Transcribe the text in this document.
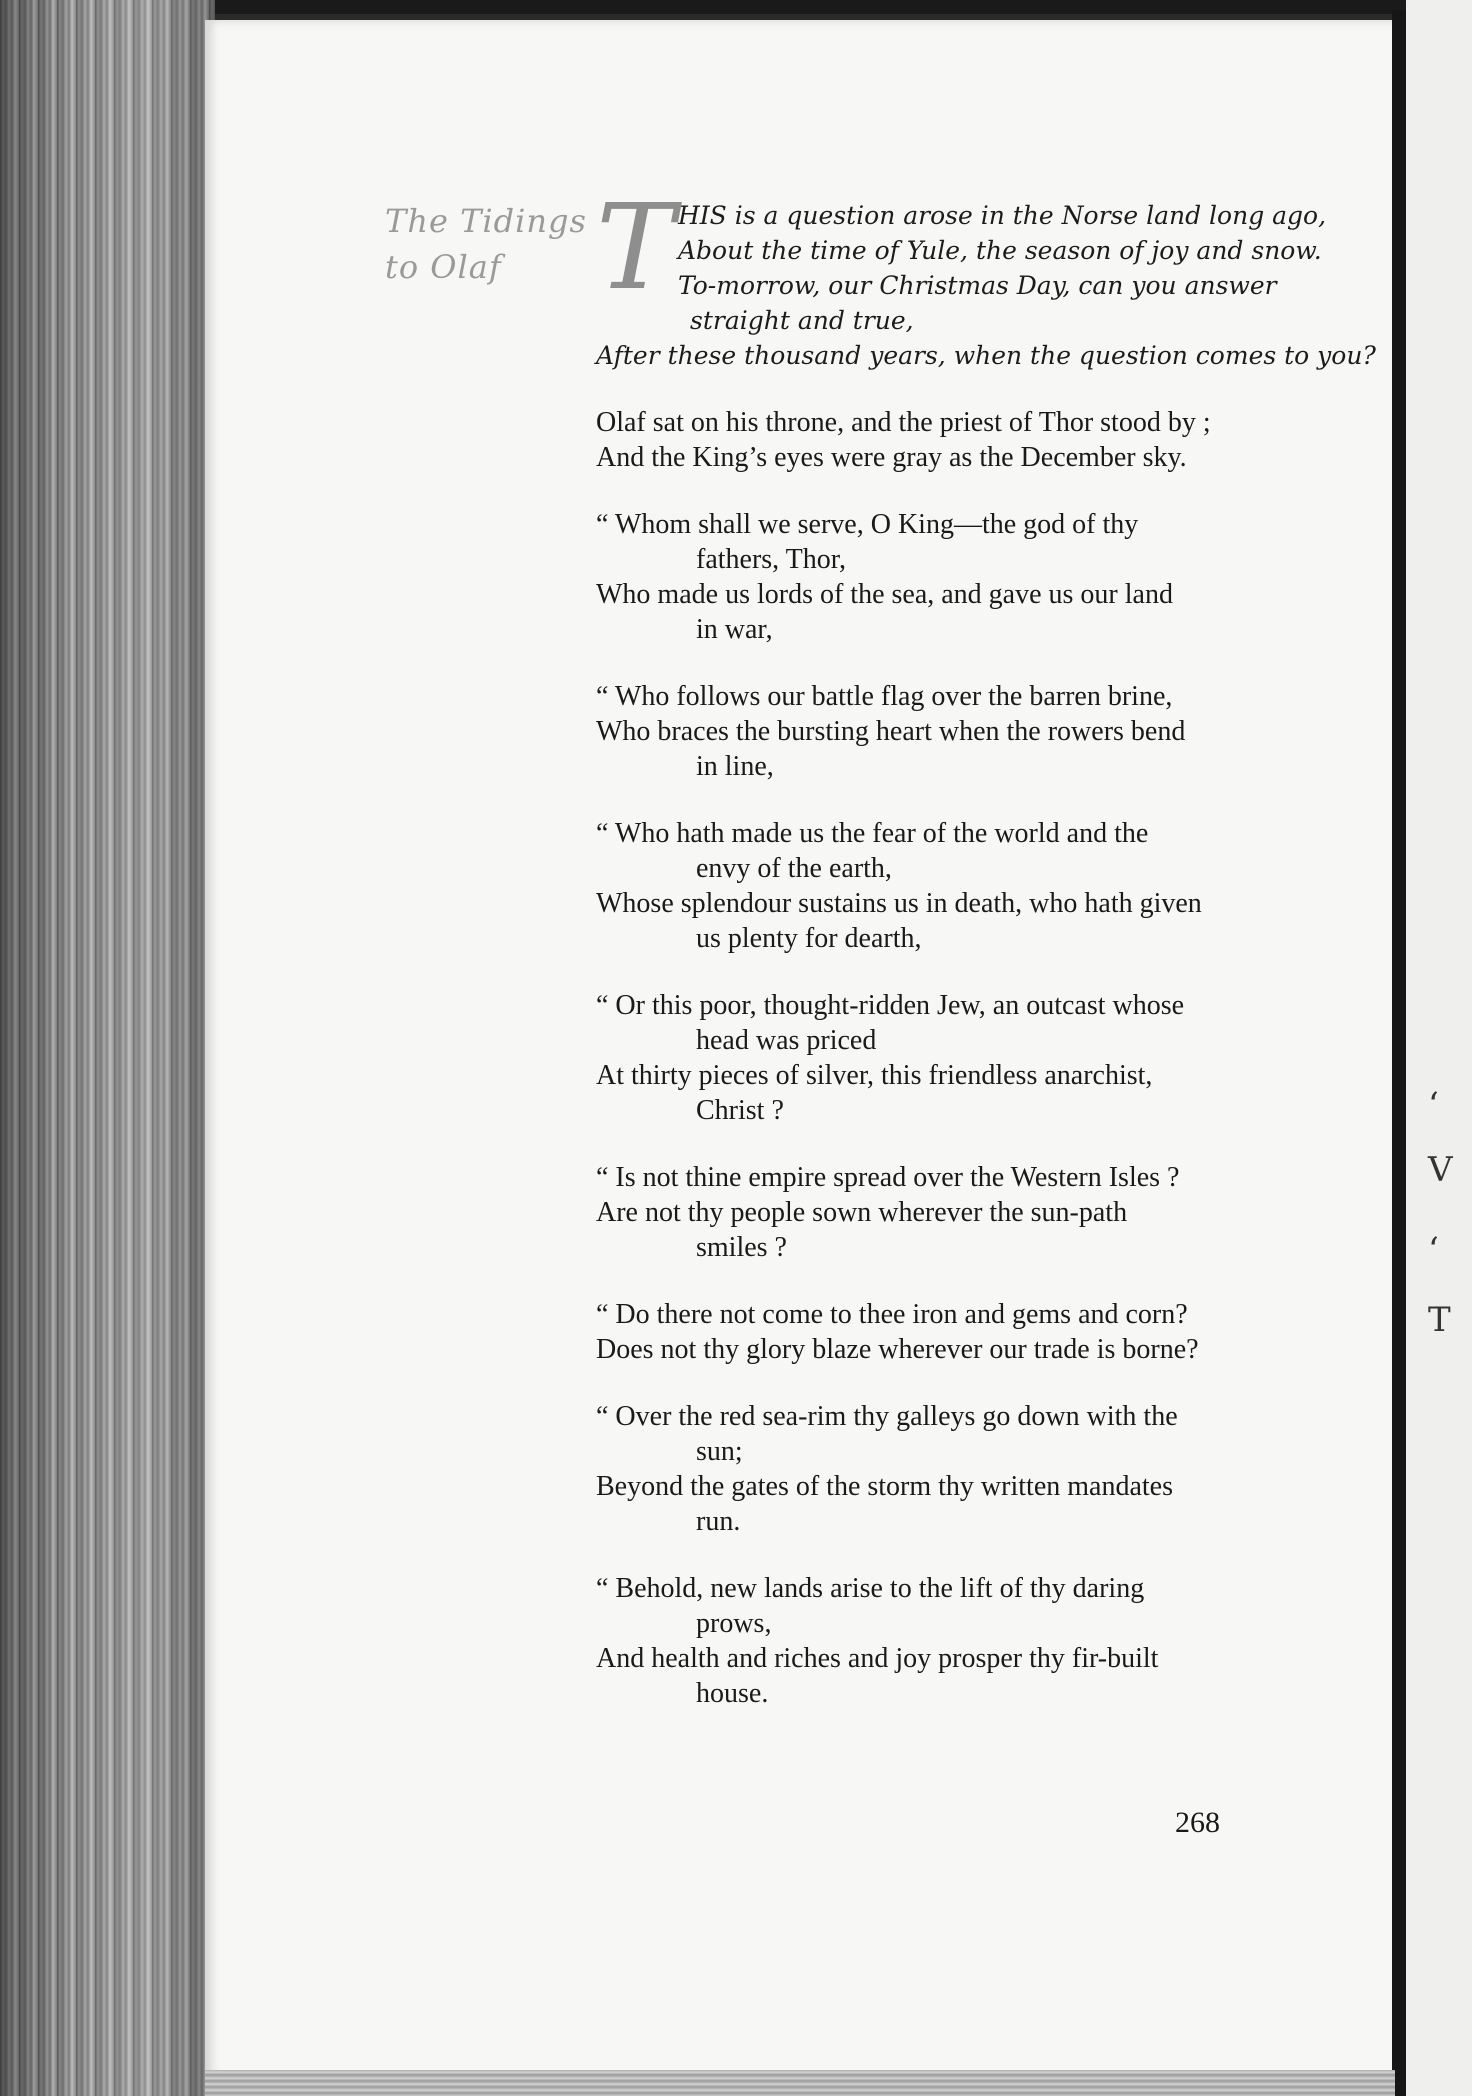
‘
V
‘
T
The Tidings
to Olaf T HIS is a question arose in the Norse land long ago,
About the time of Yule, the season of joy and snow.
To-morrow, our Christmas Day, can you answer
straight and true,
After these thousand years, when the question comes to you?
Olaf sat on his throne, and the priest of Thor stood by ;
And the King’s eyes were gray as the December sky.
“ Whom shall we serve, O King—the god of thy
fathers, Thor,
Who made us lords of the sea, and gave us our land
in war,
“ Who follows our battle flag over the barren brine,
Who braces the bursting heart when the rowers bend
in line,
“ Who hath made us the fear of the world and the
envy of the earth,
Whose splendour sustains us in death, who hath given
us plenty for dearth,
“ Or this poor, thought-ridden Jew, an outcast whose
head was priced
At thirty pieces of silver, this friendless anarchist,
Christ ?
“ Is not thine empire spread over the Western Isles ?
Are not thy people sown wherever the sun-path
smiles ?
“ Do there not come to thee iron and gems and corn?
Does not thy glory blaze wherever our trade is borne?
“ Over the red sea-rim thy galleys go down with the
sun;
Beyond the gates of the storm thy written mandates
run.
“ Behold, new lands arise to the lift of thy daring
prows,
And health and riches and joy prosper thy fir-built
house.
268
